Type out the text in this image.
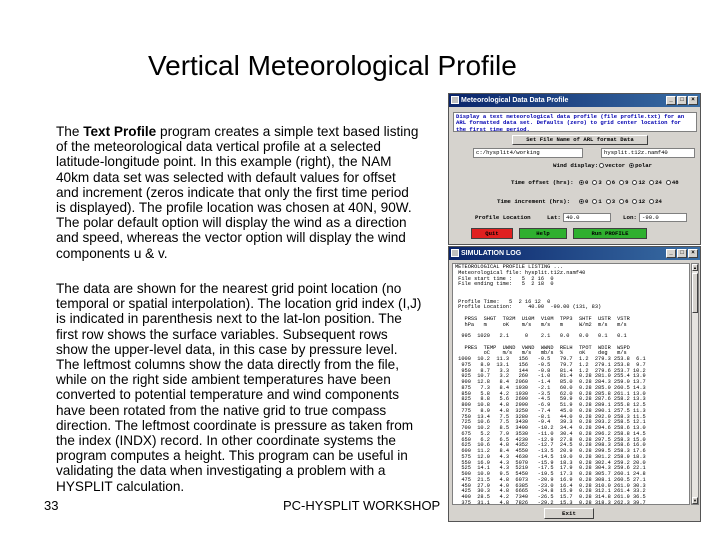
Vertical Meteorological Profile
The Text Profile program creates a simple text based listing
of the meteorological data vertical profile at a selected
latitude-longitude point. In this example (right), the NAM
40km data set was selected with default values for offset
and increment (zeros indicate that only the first time period
is displayed). The profile location was chosen at 40N, 90W.
The polar default option will display the wind as a direction
and speed, whereas the vector option will display the wind
components u & v.
The data are shown for the nearest grid point location (no
temporal or spatial interpolation). The location grid index (I,J)
is indicated in parenthesis next to the lat-lon position. The
first row shows the surface variables. Subsequent rows
show the upper-level data, in this case by pressure level.
The leftmost columns show the data directly from the file,
while on the right side ambient temperatures have been
converted to potential temperature and wind components
have been rotated from the native grid to true compass
direction. The leftmost coordinate is pressure as taken from
the index (INDX) record. In other coordinate systems the
program computes a height. This program can be useful in
validating the data when investigating a problem with a
HYSPLIT calculation.
33	PC-HYSPLIT WORKSHOP
Meteorological Data Data Profile	_	□	×
Display a text meteorological data profile (file profile.txt) for an
ARL formatted data set. Defaults (zero) to grid center location for
the first time period.
Set File Name of ARL format Data
c:/hysplit4/working	hysplit.t12z.namf40
Wind display: vector polar
Time offset (hrs): 0 3 6 9 12 24 48
Time increment (hrs):	0 1 3 6 12 24
Profile Location	Lat: 40.0	Lon: -90.0
Quit	Help	Run PROFILE
SIMULATION LOG	_	□	×
METEOROLOGICAL PROFILE LISTING ...
Meteorological file: hysplit.t12z.namf40
File start time :   5  2 16  0
File ending time:   5  2 18  0

Profile Time:   5  2 16 12  0
Profile Location:     40.00  -90.00 (131, 83)

PRSS  SHGT  T02M  U10M  V10M  TPP3  SHTF  USTR  VSTR
hPa   m     oK    m/s   m/s   m     W/m2  m/s   m/s

995  1020   2.1     0    2.1   0.0   0.0   0.1   0.1

PRES  TEMP  UWND  VWND  WWND  RELH  TPOT  WDIR  WSPD
oC    m/s   m/s   mb/s  %     oK    deg   m/s
1000  10.2  11.3   156   -0.5   79.7  1.2  279.3 253.8  6.1
975   8.9  13.1   156   -0.5   79.7  1.2  279.1 253.8  9.7
950   8.7   3.3   144   -0.8   81.4  1.2  279.6 253.7 10.2
925  10.7   3.2   260   -1.0   81.4  0.28 281.0 255.4 13.9
900  12.8   8.4  2060   -1.4   85.0  0.28 284.3 259.0 13.7
875   7.3   8.4  1930   -2.1   60.0  0.28 285.0 260.5 14.3
850   5.8   4.2  1930   -3.5   62.0  0.28 285.8 261.1 13.0
825   8.8   5.6  2690   -4.5   59.9  0.28 287.6 258.2 13.3
800  10.8   4.8  2990   -6.9   51.9  0.28 289.1 255.8 12.5
775   8.9   4.8  3250   -7.4   45.0  0.28 290.1 257.5 11.3
750  13.4   7.5  3280   -8.1   44.0  0.28 292.0 258.3 11.5
725  10.6   7.5  3430   -9.4   39.3  0.28 293.2 258.5 12.1
700  10.2   8.5  3490   -10.2  34.4  0.28 294.6 258.6 13.0
675   5.2   7.9  3530   -11.0  30.4  0.28 296.2 258.8 14.5
650   6.2   6.5  4230   -12.9  27.8  0.28 297.5 258.3 15.0
625  10.6   4.8  4352   -12.7  24.5  0.28 298.3 258.6 16.0
600  11.2   8.4  4550   -13.5  20.9  0.28 299.5 258.3 17.6
575  12.0   4.3  4630   -14.5  19.0  0.28 301.2 258.9 18.3
550  16.9   4.3  5070   -15.9  18.3  0.28 302.4 259.2 20.0
525  14.1   4.3  5219   -17.5  17.9  0.28 304.3 259.6 22.1
500  10.0   9.5  5450   -19.5  17.3  0.28 305.7 260.1 24.8
475  21.5   4.8  6073   -20.9  16.9  0.28 308.1 260.5 27.1
450  27.9   4.0  6385   -23.0  16.4  0.28 310.0 261.0 30.3
425  30.3   4.8  6665   -24.8  15.9  0.28 312.1 261.4 33.2
400  28.5   4.2  7340   -26.5  15.7  0.28 314.8 261.9 36.5
375  31.1   4.8  7826   -29.2  15.3  0.28 318.3 262.3 39.7

▲
▼
Exit
